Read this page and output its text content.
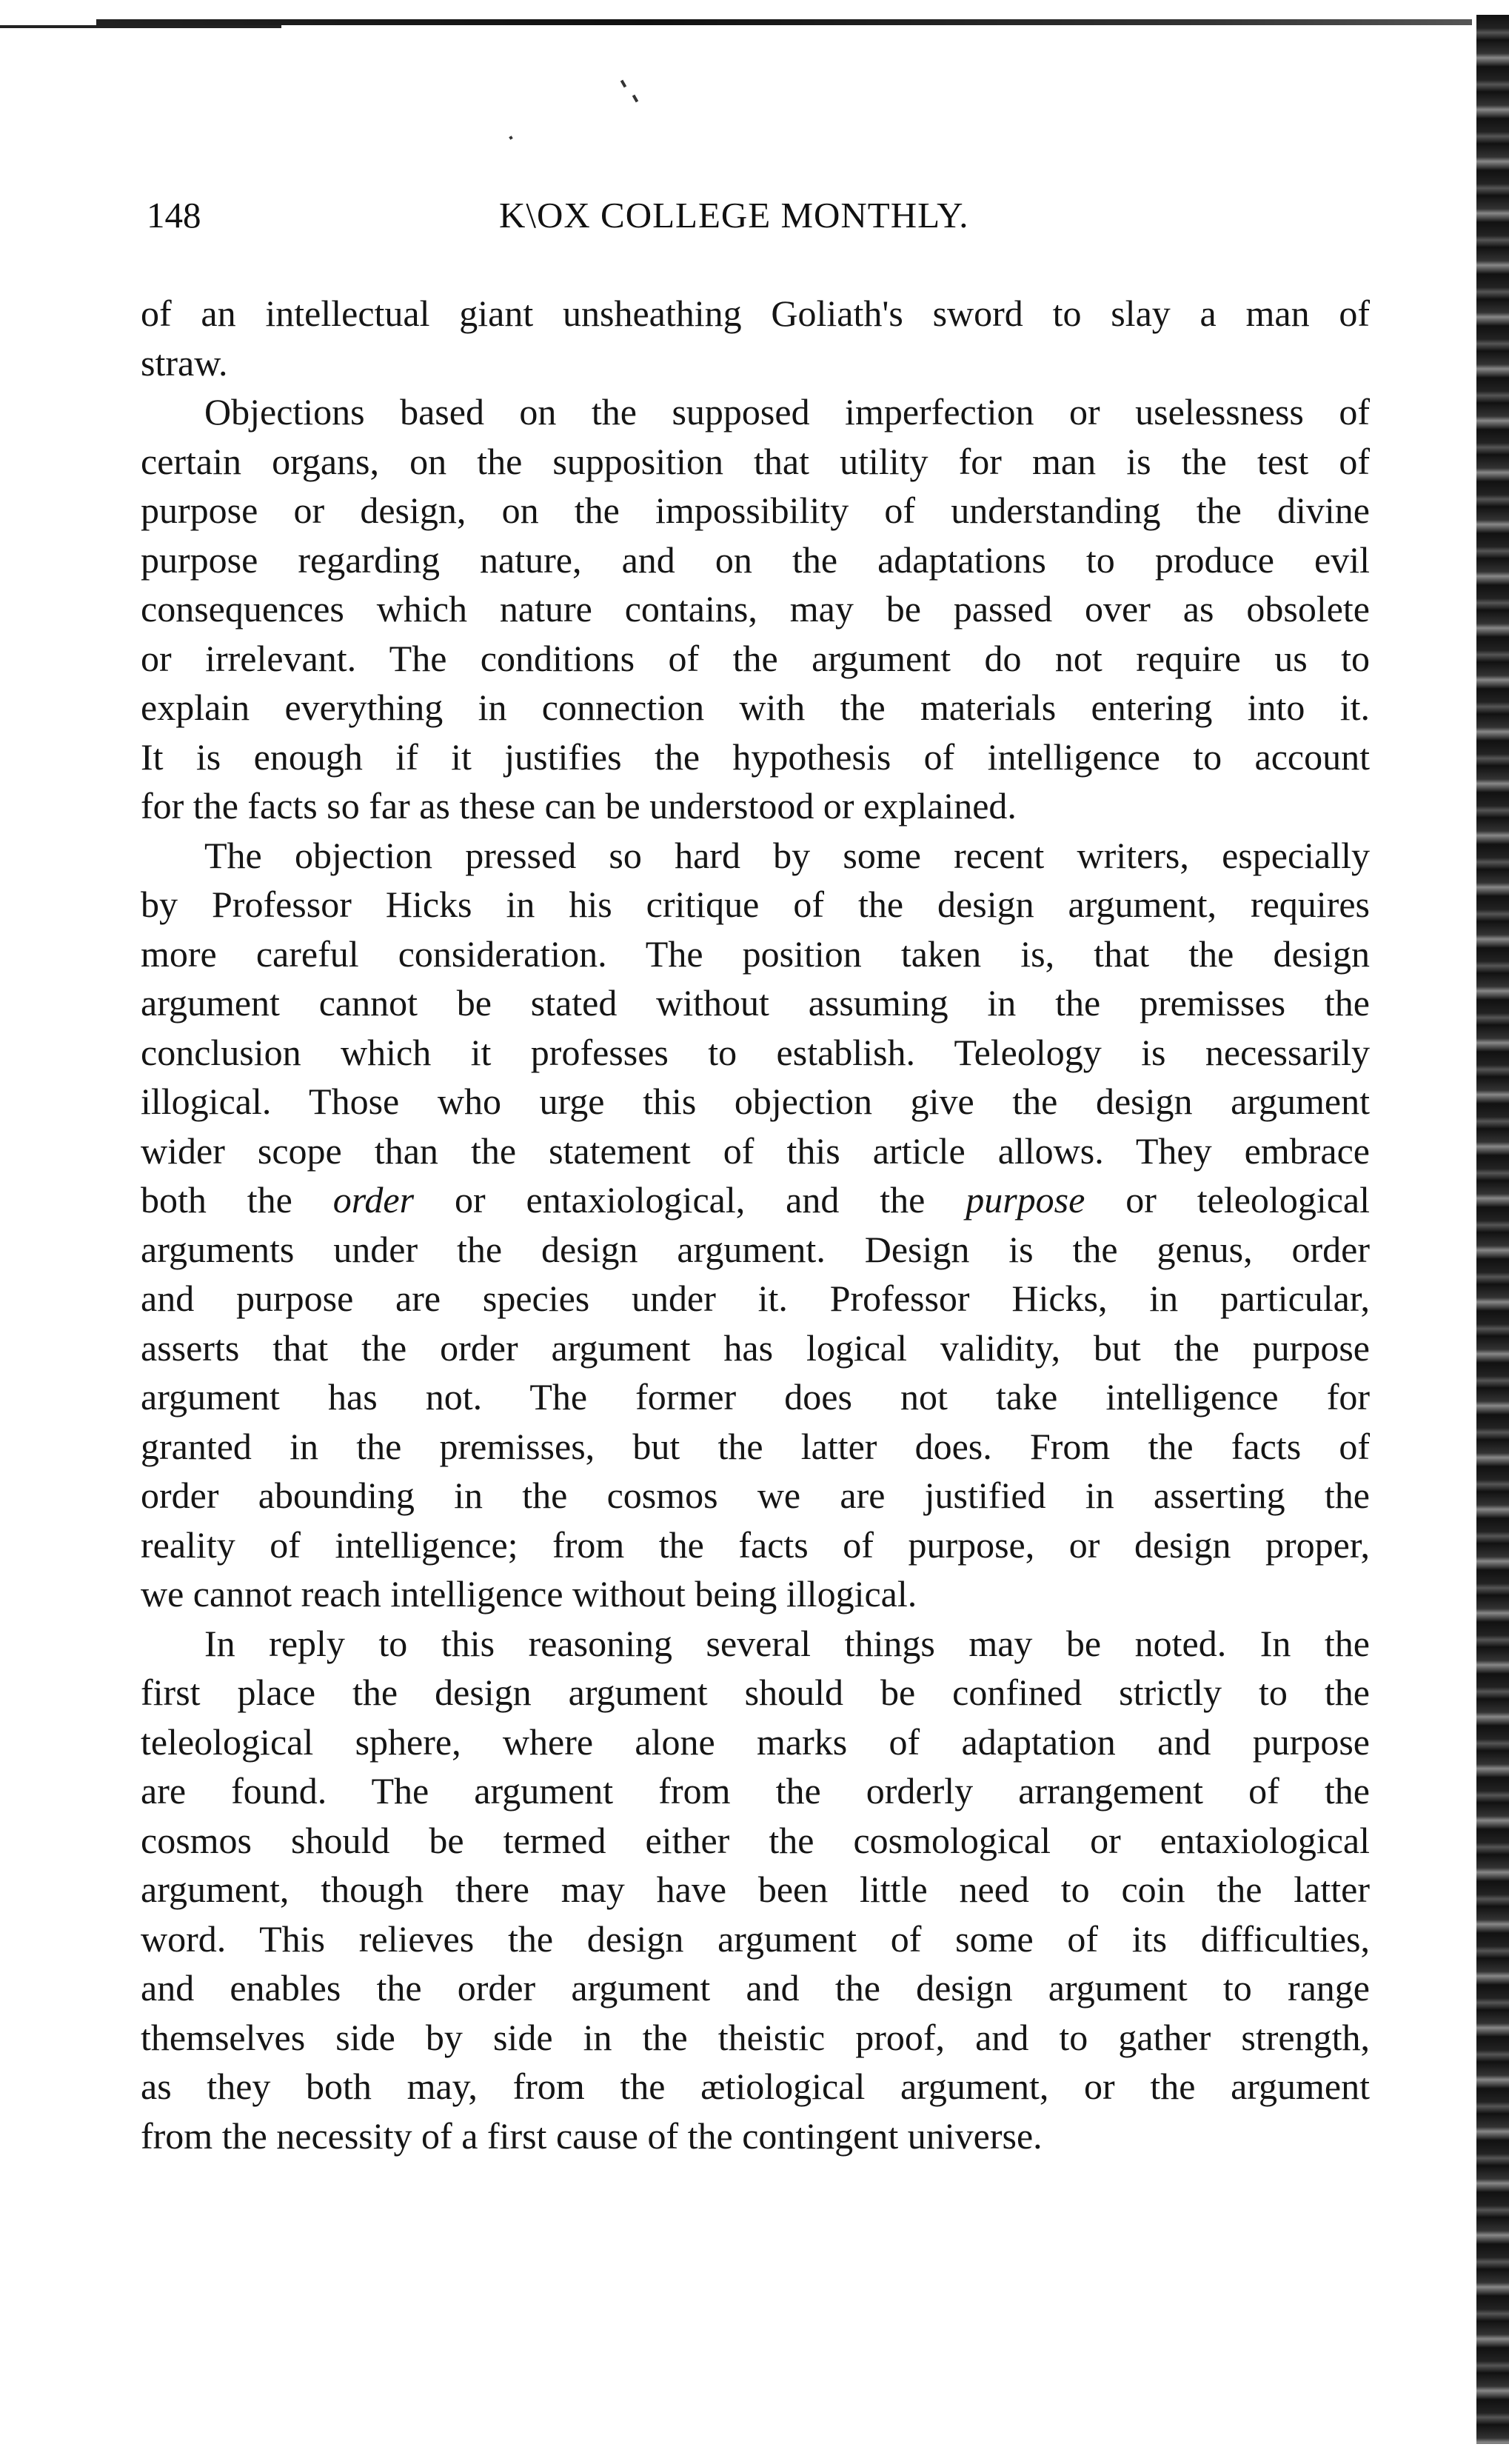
148	K\OX COLLEGE MONTHLY.
of an intellectual giant unsheathing Goliath's sword to slay a man of
straw.
Objections based on the supposed imperfection or uselessness of
certain organs, on the supposition that utility for man is the test of
purpose or design, on the impossibility of understanding the divine
purpose regarding nature, and on the adaptations to produce evil
consequences which nature contains, may be passed over as obsolete
or irrelevant. The conditions of the argument do not require us to
explain everything in connection with the materials entering into it.
It is enough if it justifies the hypothesis of intelligence to account
for the facts so far as these can be understood or explained.
The objection pressed so hard by some recent writers, especially
by Professor Hicks in his critique of the design argument, requires
more careful consideration. The position taken is, that the design
argument cannot be stated without assuming in the premisses the
conclusion which it professes to establish. Teleology is necessarily
illogical. Those who urge this objection give the design argument
wider scope than the statement of this article allows. They embrace
both the order or entaxiological, and the purpose or teleological
arguments under the design argument. Design is the genus, order
and purpose are species under it. Professor Hicks, in particular,
asserts that the order argument has logical validity, but the purpose
argument has not. The former does not take intelligence for
granted in the premisses, but the latter does. From the facts of
order abounding in the cosmos we are justified in asserting the
reality of intelligence; from the facts of purpose, or design proper,
we cannot reach intelligence without being illogical.
In reply to this reasoning several things may be noted. In the
first place the design argument should be confined strictly to the
teleological sphere, where alone marks of adaptation and purpose
are found. The argument from the orderly arrangement of the
cosmos should be termed either the cosmological or entaxiological
argument, though there may have been little need to coin the latter
word. This relieves the design argument of some of its difficulties,
and enables the order argument and the design argument to range
themselves side by side in the theistic proof, and to gather strength,
as they both may, from the ætiological argument, or the argument
from the necessity of a first cause of the contingent universe.
